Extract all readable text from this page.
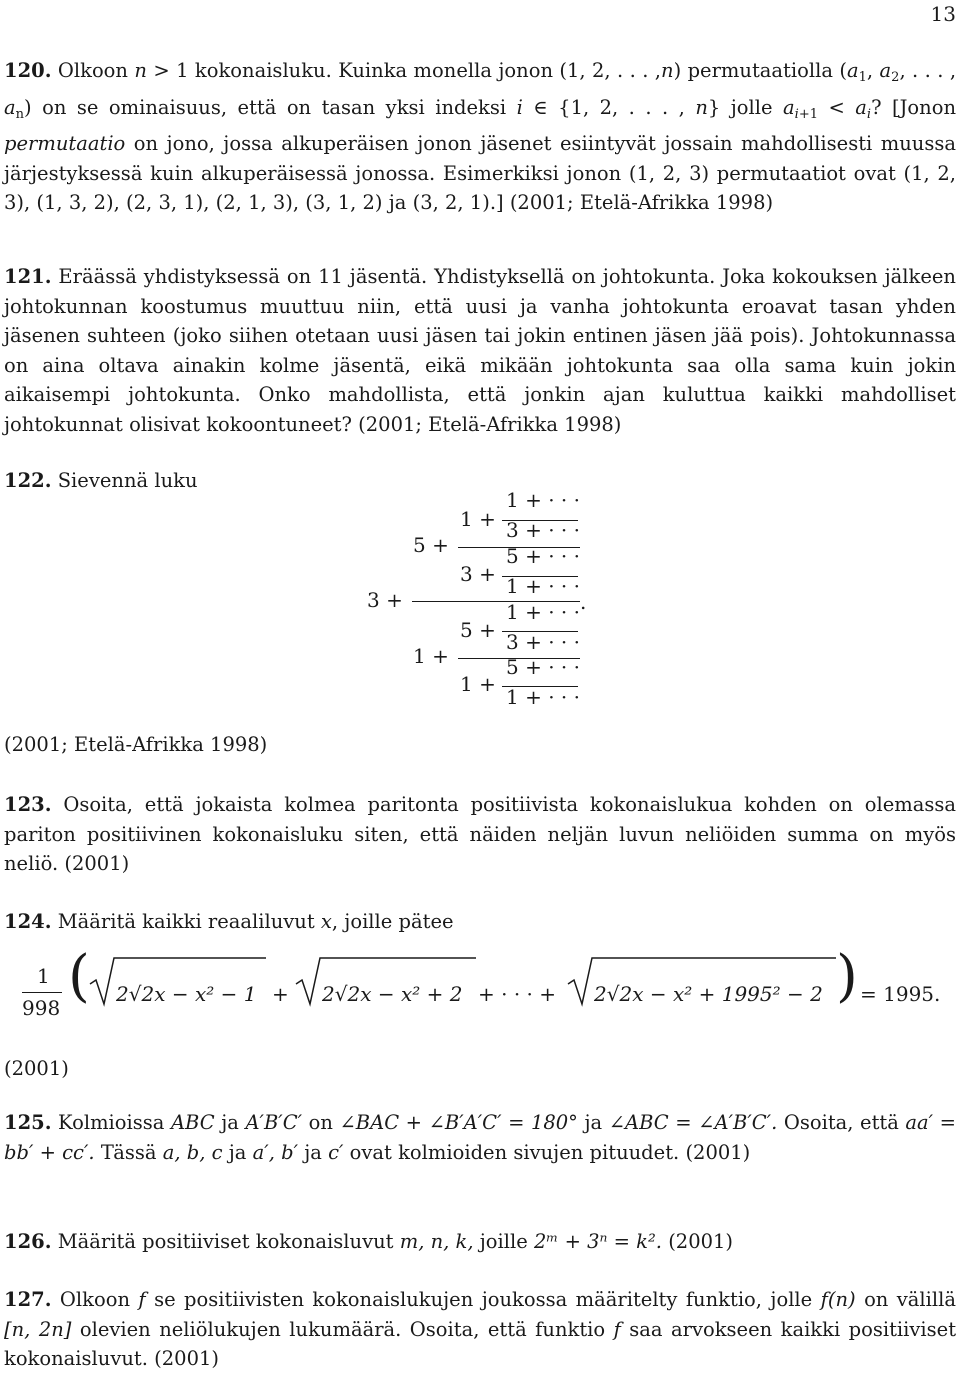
13

120. Olkoon n > 1 kokonaisluku. Kuinka monella jonon (1, 2, . . . ,n) permutaatiolla ($a_1$, $a_2$, . . . , $a_n$) on se ominaisuus, että on tasan yksi indeksi i ∈ {1, 2, . . . , n} jolle $a_{i+1} < a_i$? [Jonon permutaatio on jono, jossa alkuperäisen jonon jäsenet esiintyvät jossain mahdollisesti muussa järjestyksessä kuin alkuperäisessä jonossa. Esimerkiksi jonon (1, 2, 3) permutaatiot ovat (1, 2, 3), (1, 3, 2), (2, 3, 1), (2, 1, 3), (3, 1, 2) ja (3, 2, 1).] (2001; Etelä-Afrikka 1998)

121. Eräässä yhdistyksessä on 11 jäsentä. Yhdistyksellä on johtokunta. Joka kokouksen jälkeen johtokunnan koostumus muuttuu niin, että uusi ja vanha johtokunta eroavat tasan yhden jäsenen suhteen (joko siihen otetaan uusi jäsen tai jokin entinen jäsen jää pois). Johtokunnassa on aina oltava ainakin kolme jäsentä, eikä mikään johtokunta saa olla sama kuin jokin aikaisempi johtokunta. Onko mahdollista, että jonkin ajan kuluttua kaikki mahdolliset johtokunnat olisivat kokoontuneet? (2001; Etelä-Afrikka 1998)

122. Sievennä luku

3 +
5 +
1 +
1 + · · ·
3 + · · ·
3 +
5 + · · ·
1 + · · ·
.
1 +
5 +
1 + · · ·
3 + · · ·
1 +
5 + · · ·
1 + · · ·

(2001; Etelä-Afrikka 1998)

123. Osoita, että jokaista kolmea paritonta positiivista kokonaislukua kohden on olemassa pariton positiivinen kokonaisluku siten, että näiden neljän luvun neliöiden summa on myös neliö. (2001)

124. Määritä kaikki reaaliluvut x, joille pätee

1
998 ( 2√2x − x² − 1 + 2√2x − x² + 2 + · · · + 2√2x − x² + 1995² − 2 ) = 1995.

(2001)

125. Kolmioissa ABC ja A′B′C′ on ∠BAC + ∠B′A′C′ = 180° ja ∠ABC = ∠A′B′C′. Osoita, että aa′ = bb′ + cc′. Tässä a, b, c ja a′, b′ ja c′ ovat kolmioiden sivujen pituudet. (2001)

126. Määritä positiiviset kokonaisluvut m, n, k, joille 2ᵐ + 3ⁿ = k². (2001)

127. Olkoon f se positiivisten kokonaislukujen joukossa määritelty funktio, jolle f(n) on välillä [n, 2n] olevien neliölukujen lukumäärä. Osoita, että funktio f saa arvokseen kaikki positiiviset kokonaisluvut. (2001)
